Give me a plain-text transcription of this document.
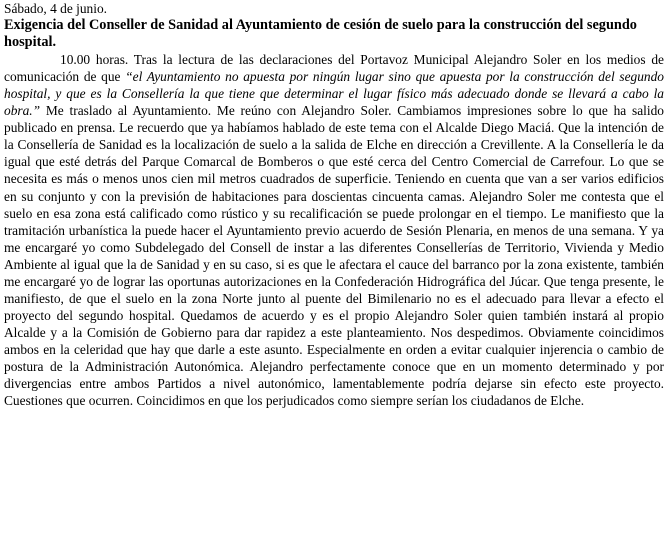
Sábado, 4 de junio.

Exigencia del Conseller de Sanidad al Ayuntamiento de cesión de suelo para la construcción del segundo hospital.

10.00 horas. Tras la lectura de las declaraciones del Portavoz Municipal Alejandro Soler en los medios de comunicación de que “el Ayuntamiento no apuesta por ningún lugar sino que apuesta por la construcción del segundo hospital, y que es la Consellería la que tiene que determinar el lugar físico más adecuado donde se llevará a cabo la obra.” Me traslado al Ayuntamiento. Me reúno con Alejandro Soler. Cambiamos impresiones sobre lo que ha salido publicado en prensa. Le recuerdo que ya habíamos hablado de este tema con el Alcalde Diego Maciá. Que la intención de la Consellería de Sanidad es la localización de suelo a la salida de Elche en dirección a Crevillente. A la Consellería le da igual que esté detrás del Parque Comarcal de Bomberos o que esté cerca del Centro Comercial de Carrefour. Lo que se necesita es más o menos unos cien mil metros cuadrados de superficie. Teniendo en cuenta que van a ser varios edificios en su conjunto y con la previsión de habitaciones para doscientas cincuenta camas. Alejandro Soler me contesta que el suelo en esa zona está calificado como rústico y su recalificación se puede prolongar en el tiempo. Le manifiesto que la tramitación urbanística la puede hacer el Ayuntamiento previo acuerdo de Sesión Plenaria, en menos de una semana. Y ya me encargaré yo como Subdelegado del Consell de instar a las diferentes Consellerías de Territorio, Vivienda y Medio Ambiente al igual que la de Sanidad y en su caso, si es que le afectara el cauce del barranco por la zona existente, también me encargaré yo de lograr las oportunas autorizaciones en la Confederación Hidrográfica del Júcar. Que tenga presente, le manifiesto, de que el suelo en la zona Norte junto al puente del Bimilenario no es el adecuado para llevar a efecto el proyecto del segundo hospital. Quedamos de acuerdo y es el propio Alejandro Soler quien también instará al propio Alcalde y a la Comisión de Gobierno para dar rapidez a este planteamiento. Nos despedimos. Obviamente coincidimos ambos en la celeridad que hay que darle a este asunto. Especialmente en orden a evitar cualquier injerencia o cambio de postura de la Administración Autonómica. Alejandro perfectamente conoce que en un momento determinado y por divergencias entre ambos Partidos a nivel autonómico, lamentablemente podría dejarse sin efecto este proyecto. Cuestiones que ocurren. Coincidimos en que los perjudicados como siempre serían los ciudadanos de Elche.
